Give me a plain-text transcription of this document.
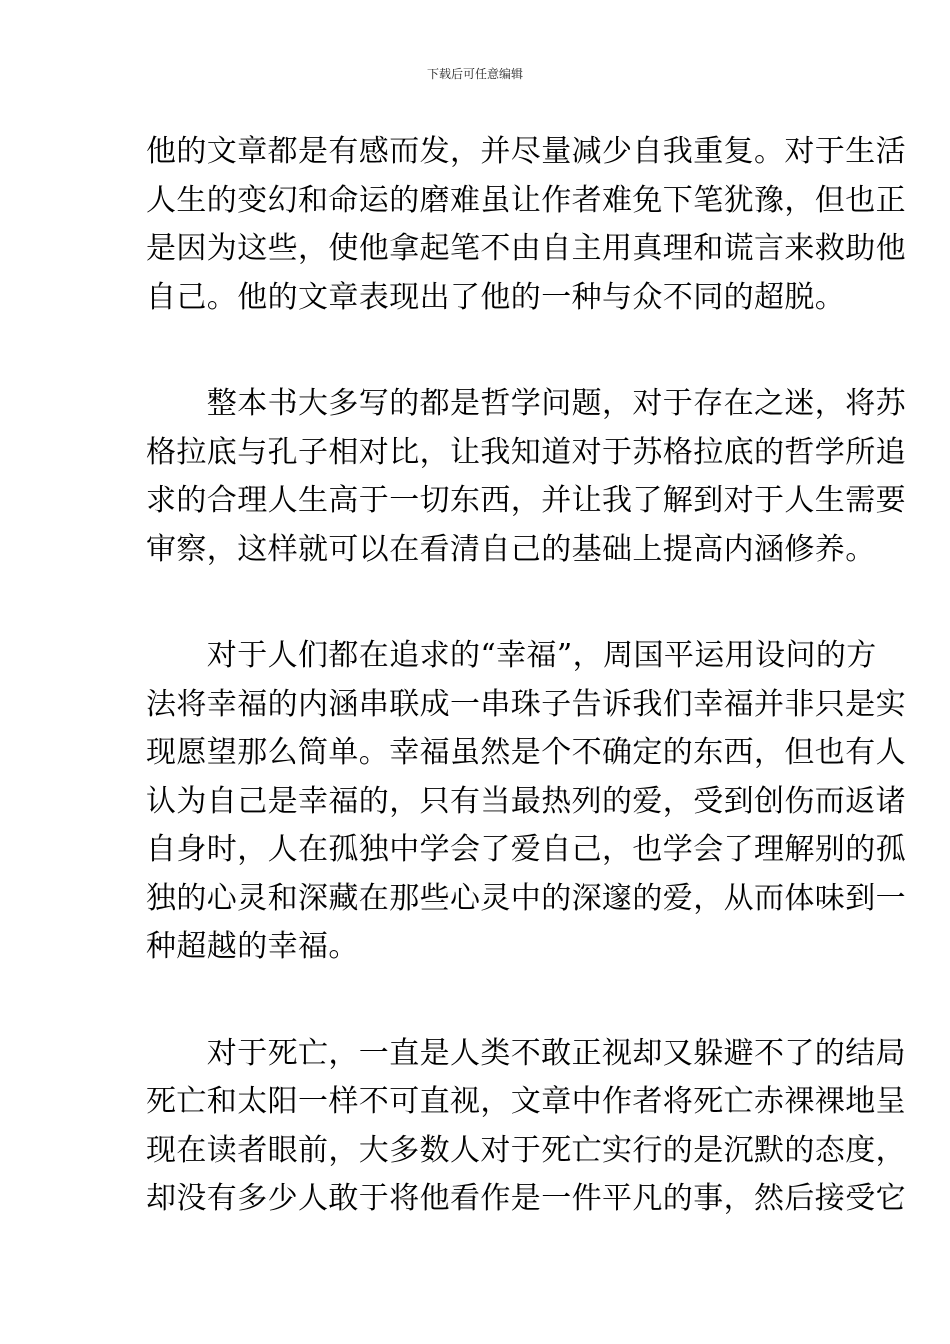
下载后可任意编辑
他的文章都是有感而发，并尽量减少自我重复。对于生活
人生的变幻和命运的磨难虽让作者难免下笔犹豫，但也正
是因为这些，使他拿起笔不由自主用真理和谎言来救助他
自己。他的文章表现出了他的一种与众不同的超脱。
　　整本书大多写的都是哲学问题，对于存在之迷，将苏
格拉底与孔子相对比，让我知道对于苏格拉底的哲学所追
求的合理人生高于一切东西，并让我了解到对于人生需要
审察，这样就可以在看清自己的基础上提高内涵修养。
　　对于人们都在追求的“幸福”，周国平运用设问的方
法将幸福的内涵串联成一串珠子告诉我们幸福并非只是实
现愿望那么简单。幸福虽然是个不确定的东西，但也有人
认为自己是幸福的，只有当最热列的爱，受到创伤而返诸
自身时，人在孤独中学会了爱自己，也学会了理解别的孤
独的心灵和深藏在那些心灵中的深邃的爱，从而体味到一
种超越的幸福。
　　对于死亡，一直是人类不敢正视却又躲避不了的结局
死亡和太阳一样不可直视，文章中作者将死亡赤裸裸地呈
现在读者眼前，大多数人对于死亡实行的是沉默的态度，
却没有多少人敢于将他看作是一件平凡的事，然后接受它
